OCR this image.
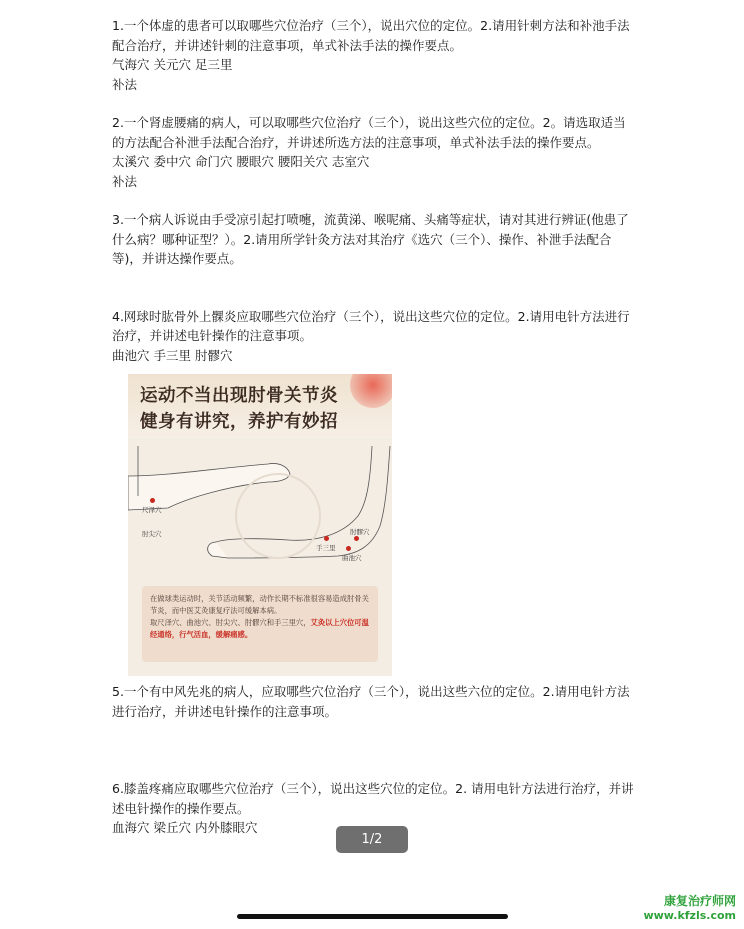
1.一个体虚的患者可以取哪些穴位治疗（三个），说出穴位的定位。2.请用针刺方法和补池手法配合治疗，并讲述针刺的注意事项，单式补法手法的操作要点。

气海穴 关元穴 足三里

补法

2.一个肾虚腰痛的病人，可以取哪些穴位治疗（三个），说出这些穴位的定位。2。请选取适当的方法配合补泄手法配合治疗，并讲述所选方法的注意事项，单式补法手法的操作要点。

太溪穴 委中穴 命门穴 腰眼穴 腰阳关穴 志室穴

补法

3.一个病人诉说由手受凉引起打喷嚏，流黄涕、喉呢痛、头痛等症状，请对其进行辨证(他患了什么病？哪种证型？）。2.请用所学针灸方法对其治疗《选穴（三个）、操作、补泄手法配合等)，并讲达操作要点。

4.网球时肱骨外上髁炎应取哪些穴位治疗（三个），说出这些穴位的定位。2.请用电针方法进行治疗，并讲述电针操作的注意事项。

曲池穴 手三里 肘髎穴

运动不当出现肘骨关节炎
健身有讲究，养护有妙招
尺泽穴
肘尖穴
手三里
肘髎穴
曲池穴

在做球类运动时，关节活动频繁，动作长期不标准很容易造成肘骨关节炎，而中医艾灸康复疗法可缓解本病。

取尺泽穴、曲池穴、肘尖穴、肘髎穴和手三里穴，艾灸以上穴位可温经通络，行气活血，缓解痛感。

5.一个有中风先兆的病人，应取哪些穴位治疗（三个），说出这些六位的定位。2.请用电针方法进行治疗，并讲述电针操作的注意事项。

6.膝盖疼痛应取哪些穴位治疗（三个），说出这些穴位的定位。2. 请用电针方法进行治疗，并讲述电针操作的操作要点。

血海穴 梁丘穴 内外膝眼穴

1/2
康复治疗师网
www.kfzls.com
